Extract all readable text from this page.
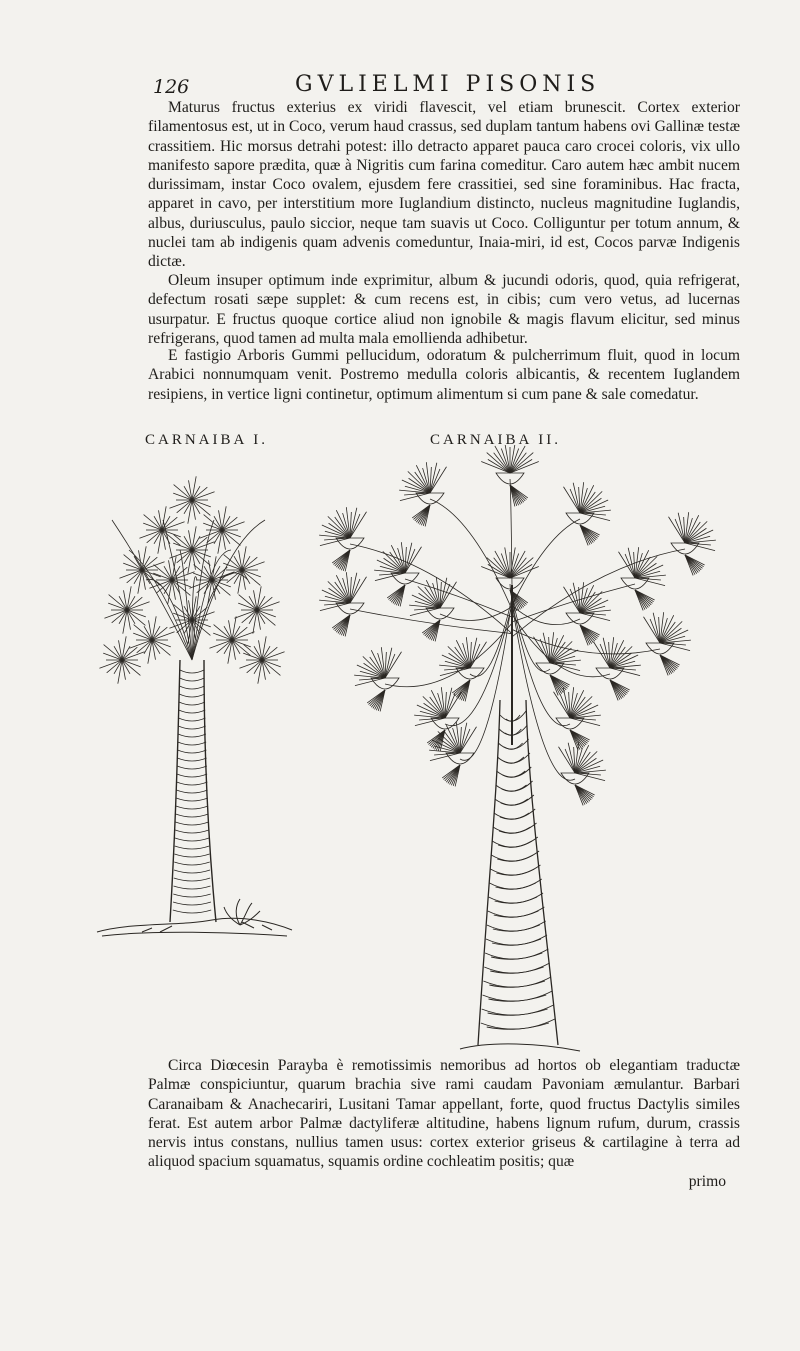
126	GVLIELMI PISONIS

Maturus fructus exterius ex viridi flavescit, vel etiam brunescit. Cortex exterior filamentosus est, ut in Coco, verum haud crassus, sed duplam tantum habens ovi Gallinæ testæ crassitiem. Hic morsus detrahi potest: illo detracto apparet pauca caro crocei coloris, vix ullo manifesto sapore prædita, quæ à Nigritis cum farina comeditur. Caro autem hæc ambit nucem durissimam, instar Coco ovalem, ejusdem fere crassitiei, sed sine foraminibus. Hac fracta, apparet in cavo, per interstitium more Iuglandium distincto, nucleus magnitudine Iuglandis, albus, duriusculus, paulo siccior, neque tam suavis ut Coco. Colliguntur per totum annum, & nuclei tam ab indigenis quam advenis comeduntur, Inaia-miri, id est, Cocos parvæ Indigenis dictæ.

Oleum insuper optimum inde exprimitur, album & jucundi odoris, quod, quia refrigerat, defectum rosati sæpe supplet: & cum recens est, in cibis; cum vero vetus, ad lucernas usurpatur. E fructus quoque cortice aliud non ignobile & magis flavum elicitur, sed minus refrigerans, quod tamen ad multa mala emollienda adhibetur.

E fastigio Arboris Gummi pellucidum, odoratum & pulcherrimum fluit, quod in locum Arabici nonnumquam venit. Postremo medulla coloris albicantis, & recentem Iuglandem resipiens, in vertice ligni continetur, optimum alimentum si cum pane & sale comedatur.

CARNAIBA I.	CARNAIBA II.

Circa Diœcesin Parayba è remotissimis nemoribus ad hortos ob elegantiam traductæ Palmæ conspiciuntur, quarum brachia sive rami caudam Pavoniam æmulantur. Barbari Caranaibam & Anachecariri, Lusitani Tamar appellant, forte, quod fructus Dactylis similes ferat. Est autem arbor Palmæ dactyliferæ altitudine, habens lignum rufum, durum, crassis nervis intus constans, nullius tamen usus: cortex exterior griseus & cartilagine à terra ad aliquod spacium squamatus, squamis ordine cochleatim positis; quæ

primo
